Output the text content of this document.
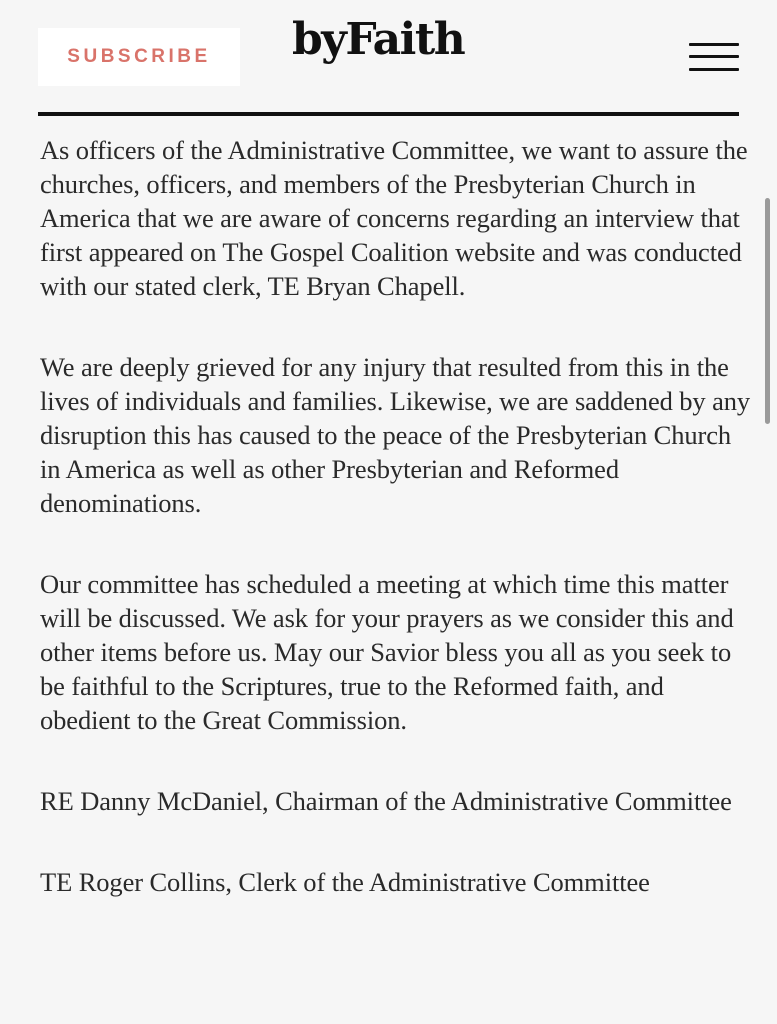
SUBSCRIBE	byFaith

As officers of the Administrative Committee, we want to assure the churches, officers, and members of the Presbyterian Church in America that we are aware of concerns regarding an interview that first appeared on The Gospel Coalition website and was conducted with our stated clerk, TE Bryan Chapell.

We are deeply grieved for any injury that resulted from this in the lives of individuals and families. Likewise, we are saddened by any disruption this has caused to the peace of the Presbyterian Church in America as well as other Presbyterian and Reformed denominations.

Our committee has scheduled a meeting at which time this matter will be discussed. We ask for your prayers as we consider this and other items before us. May our Savior bless you all as you seek to be faithful to the Scriptures, true to the Reformed faith, and obedient to the Great Commission.

RE Danny McDaniel, Chairman of the Administrative Committee

TE Roger Collins, Clerk of the Administrative Committee
